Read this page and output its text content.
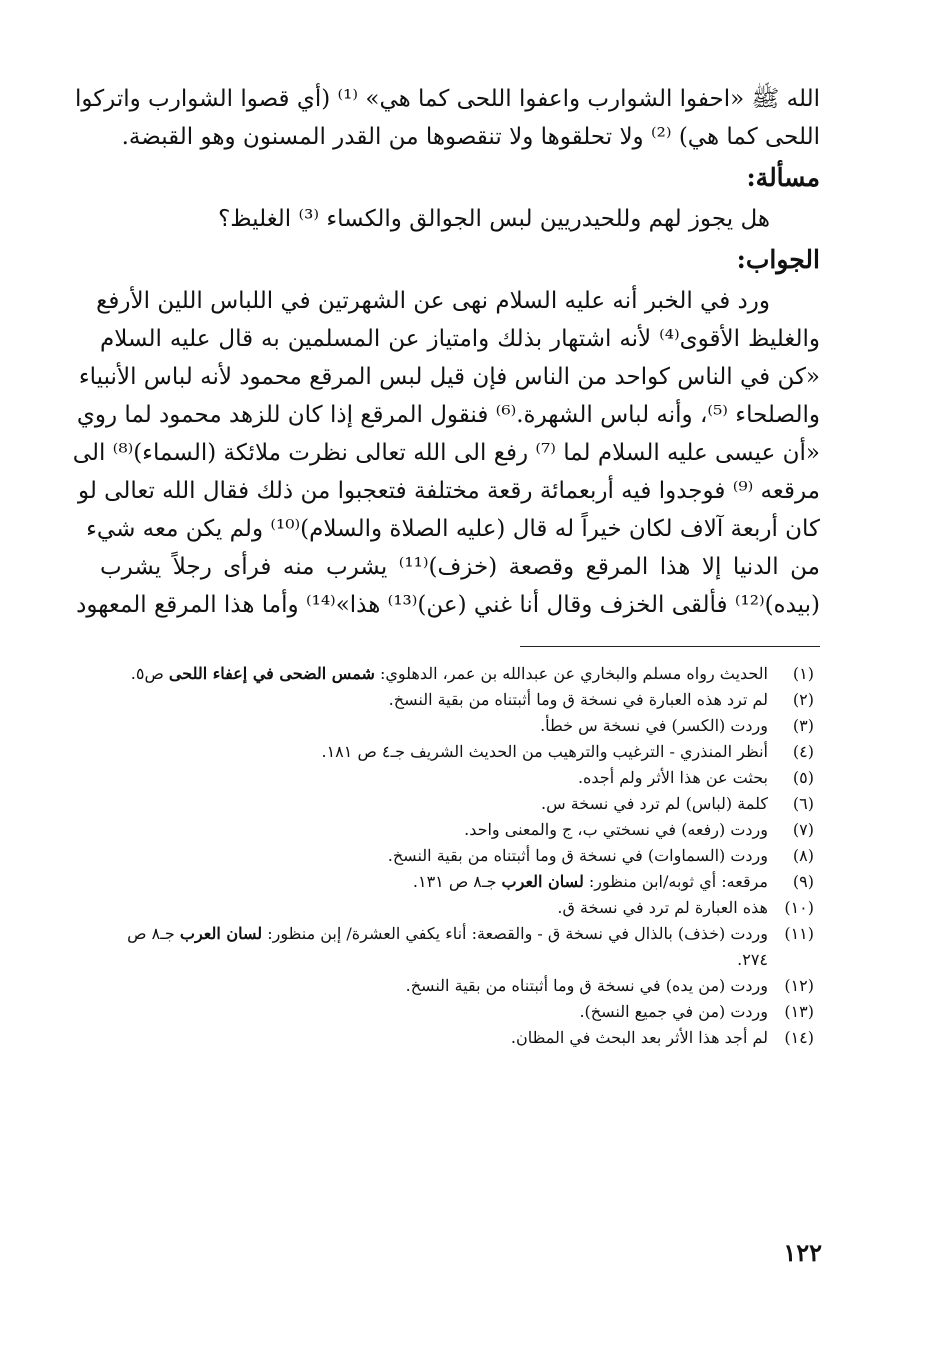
الله ﷺ «احفوا الشوارب واعفوا اللحى كما هي» ⁽¹⁾ (أي قصوا الشوارب واتركوا
اللحى كما هي) ⁽²⁾ ولا تحلقوها ولا تنقصوها من القدر المسنون وهو القبضة.
مسألة:
هل يجوز لهم وللحيدريين لبس الجوالق والكساء ⁽³⁾ الغليظ؟
الجواب:
ورد في الخبر أنه عليه السلام نهى عن الشهرتين في اللباس اللين الأرفع
والغليظ الأقوى⁽⁴⁾ لأنه اشتهار بذلك وامتياز عن المسلمين به قال عليه السلام
«كن في الناس كواحد من الناس فإن قيل لبس المرقع محمود لأنه لباس الأنبياء
والصلحاء ⁽⁵⁾، وأنه لباس الشهرة.⁽⁶⁾ فنقول المرقع إذا كان للزهد محمود لما روي
«أن عيسى عليه السلام لما ⁽⁷⁾ رفع الى الله تعالى نظرت ملائكة (السماء)⁽⁸⁾ الى
مرقعه ⁽⁹⁾ فوجدوا فيه أربعمائة رقعة مختلفة فتعجبوا من ذلك فقال الله تعالى لو
كان أربعة آلاف لكان خيراً له قال (عليه الصلاة والسلام)⁽¹⁰⁾ ولم يكن معه شيء
من الدنيا إلا هذا المرقع وقصعة (خزف)⁽¹¹⁾ يشرب منه فرأى رجلاً يشرب
(بيده)⁽¹²⁾ فألقى الخزف وقال أنا غني (عن)⁽¹³⁾ هذا»⁽¹⁴⁾ وأما هذا المرقع المعهود
(١)
الحديث رواه مسلم والبخاري عن عبدالله بن عمر، الدهلوي: شمس الضحى في إعفاء اللحى ص٥.
(٢)
لم ترد هذه العبارة في نسخة ق وما أثبتناه من بقية النسخ.
(٣)
وردت (الكسر) في نسخة س خطأ.
(٤)
أنظر المنذري - الترغيب والترهيب من الحديث الشريف جـ٤ ص ١٨١.
(٥)
بحثت عن هذا الأثر ولم أجده.
(٦)
كلمة (لباس) لم ترد في نسخة س.
(٧)
وردت (رفعه) في نسختي ب، ج والمعنى واحد.
(٨)
وردت (السماوات) في نسخة ق وما أثبتناه من بقية النسخ.
(٩)
مرقعه: أي ثوبه/ابن منظور: لسان العرب جـ٨ ص ١٣١.
(١٠)
هذه العبارة لم ترد في نسخة ق.
(١١)
وردت (خذف) بالذال في نسخة ق - والقصعة: أناء يكفي العشرة/ إبن منظور: لسان العرب جـ٨ ص ٢٧٤.
(١٢)
وردت (من يده) في نسخة ق وما أثبتناه من بقية النسخ.
(١٣)
وردت (من في جميع النسخ).
(١٤)
لم أجد هذا الأثر بعد البحث في المظان.
١٢٢
